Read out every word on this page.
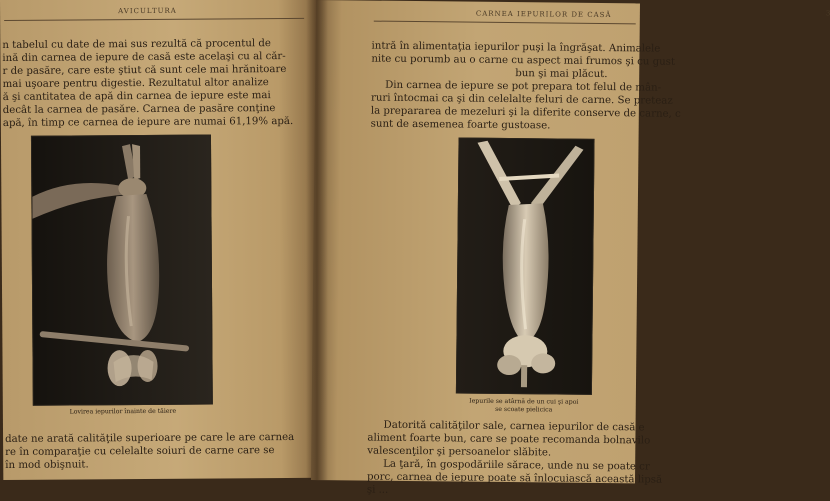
AVICULTURA
n tabelul cu date de mai sus rezultă că procentul de
ină din carnea de iepure de casă este acelaşi cu al căr-
r de pasăre, care este ştiut că sunt cele mai hrănitoare
mai uşoare pentru digestie. Rezultatul altor analize
ă şi cantitatea de apă din carnea de iepure este mai
decât la carnea de pasăre. Carnea de pasăre conţine
apă, în timp ce carnea de iepure are numai 61,19% apă.
Lovirea iepurilor înainte de tăiere
date ne arată calităţile superioare pe care le are carnea
re în comparaţie cu celelalte soiuri de carne care se
în mod obişnuit.
3
CARNEA IEPURILOR DE CASĂ
intră în alimentaţia iepurilor puşi la îngrăşat. Animalele
nite cu porumb au o carne cu aspect mai frumos şi cu gust
bun şi mai plăcut.
Din carnea de iepure se pot prepara tot felul de mân-
ruri întocmai ca şi din celelalte feluri de carne. Se preteaz
la prepararea de mezeluri şi la diferite conserve de carne, c
sunt de asemenea foarte gustoase.
Iepurile se atârnă de un cui şi apoi
se scoate pielicica
Datorită calităţilor sale, carnea iepurilor de casă e
aliment foarte bun, care se poate recomanda bolnavilo
valescenţilor şi persoanelor slăbite.
La ţară, în gospodăriile sărace, unde nu se poate cr
porc, carnea de iepure poate să înlocuiască această lipsă
şi ...
